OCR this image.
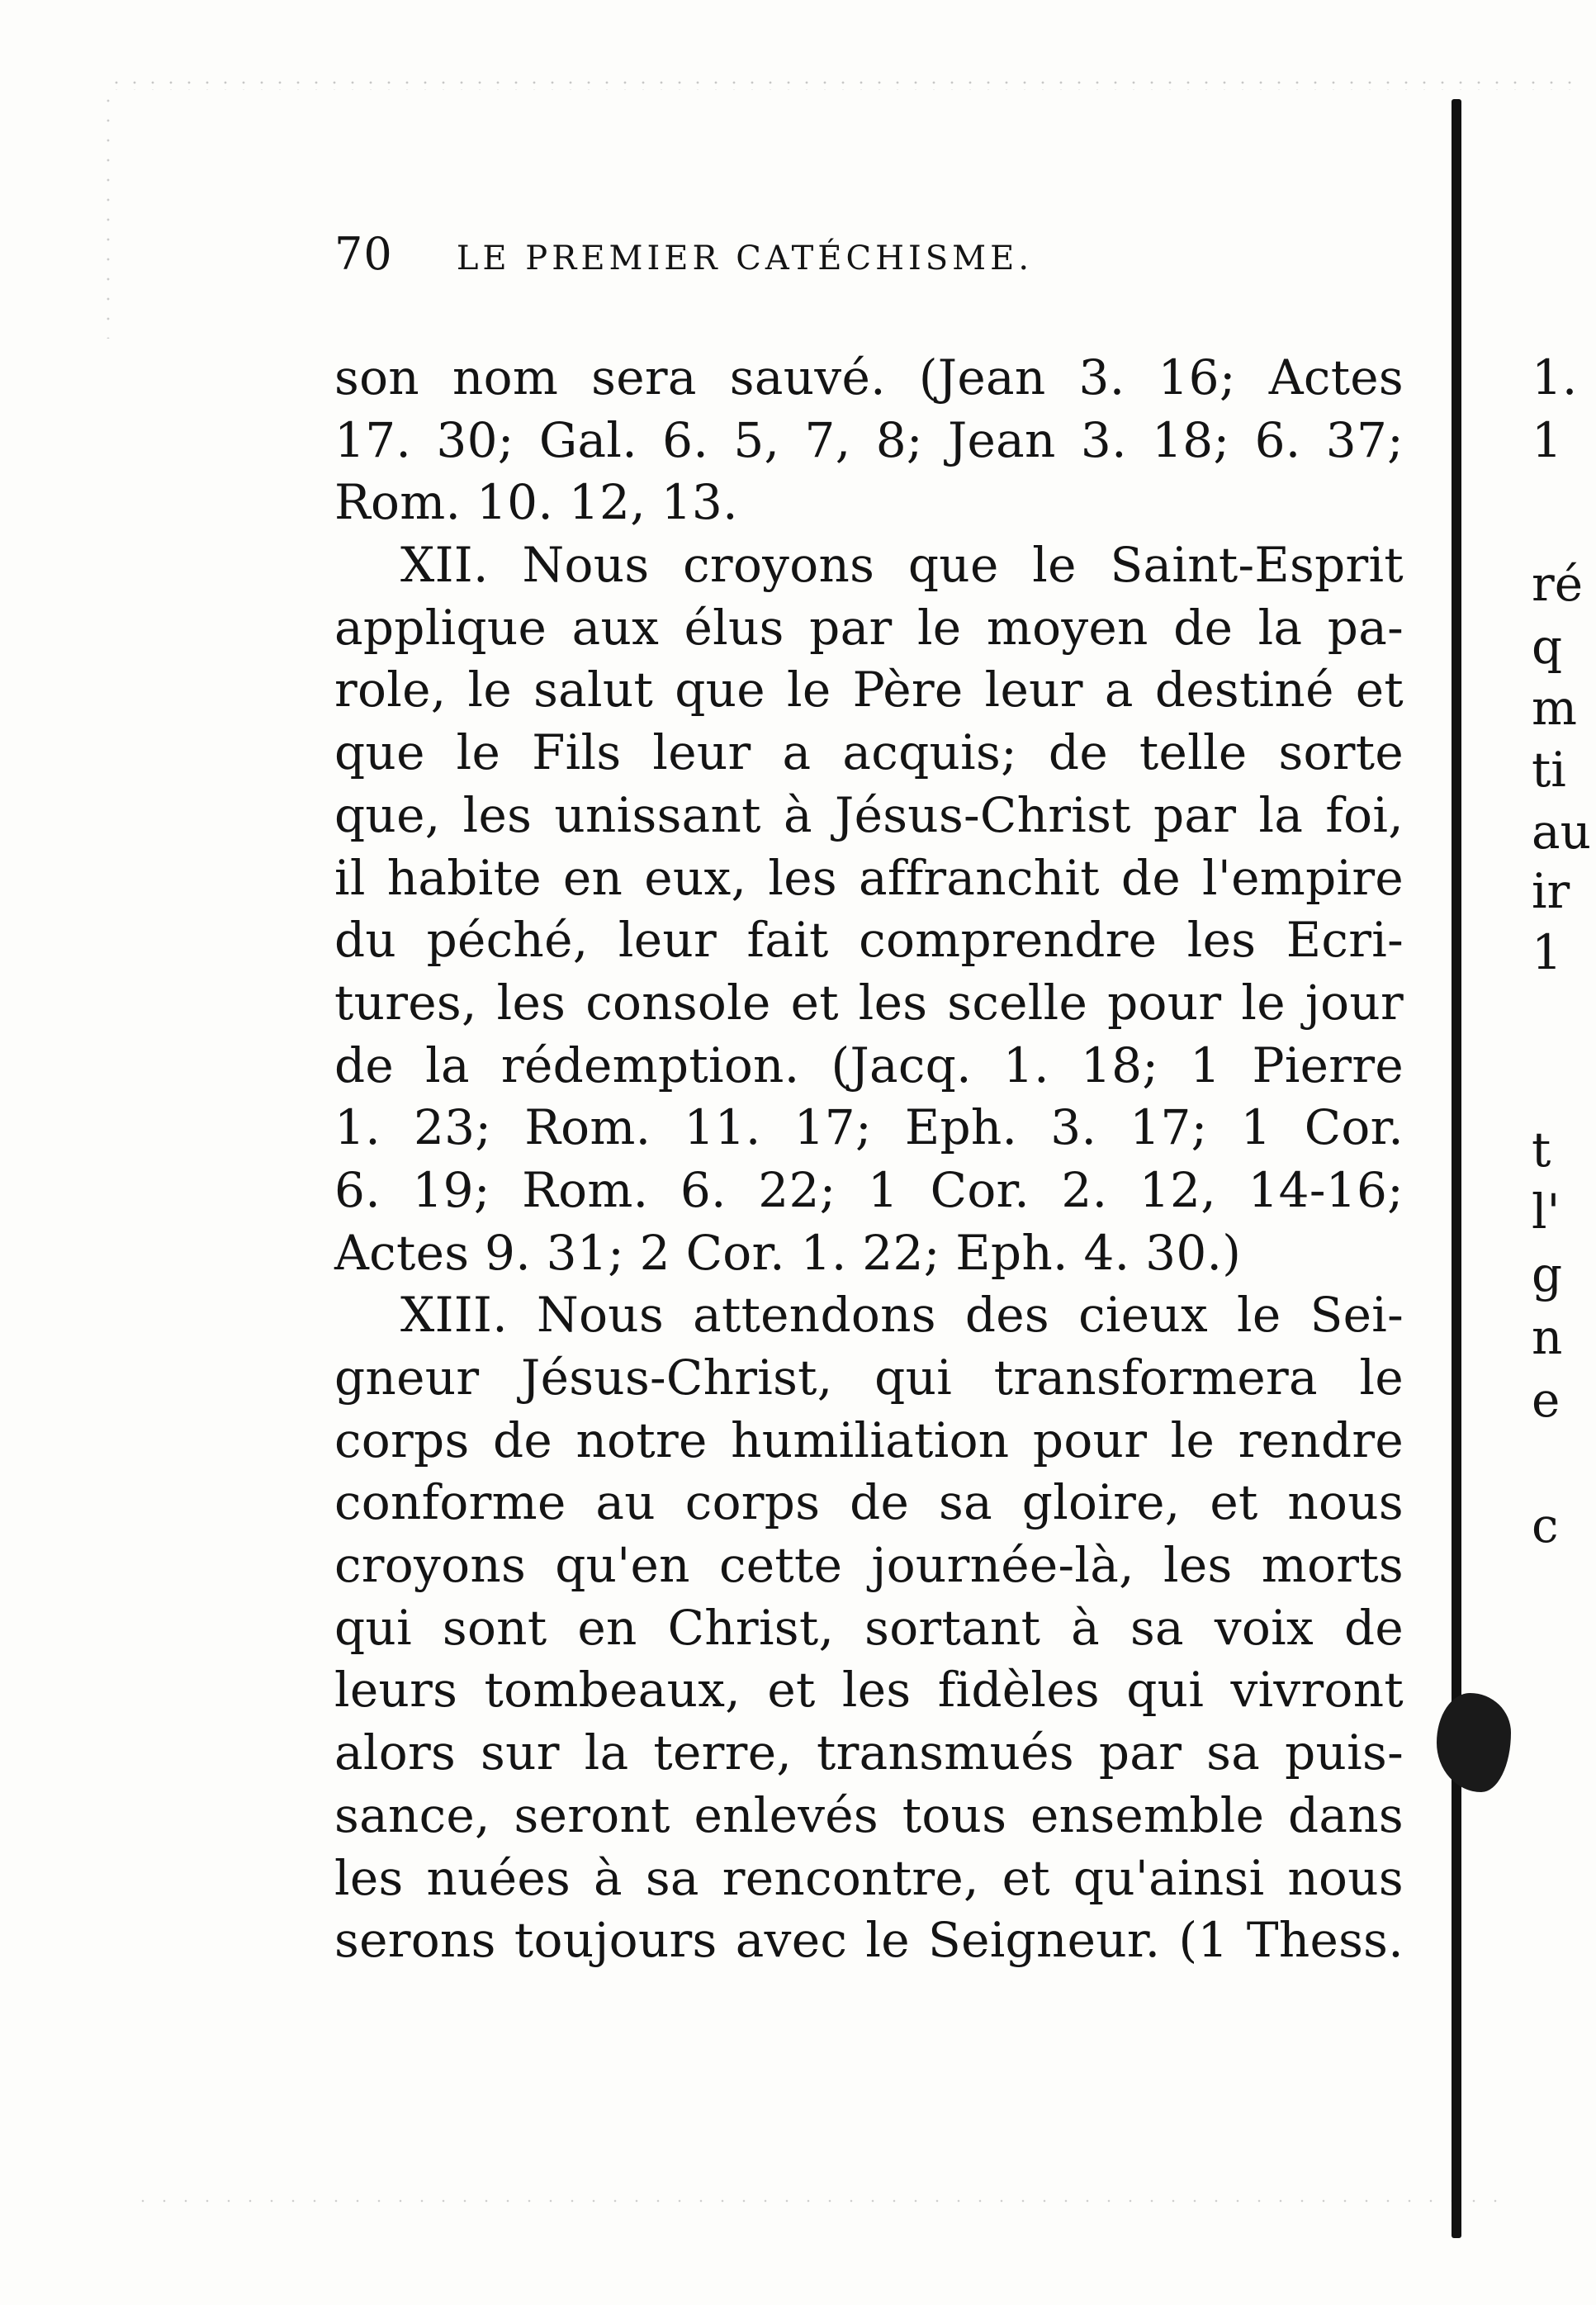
70 LE PREMIER CATÉCHISME.
son nom sera sauvé. (Jean 3. 16; Actes
17. 30; Gal. 6. 5, 7, 8; Jean 3. 18; 6. 37;
Rom. 10. 12, 13.
XII. Nous croyons que le Saint-Esprit
applique aux élus par le moyen de la pa-
role, le salut que le Père leur a destiné et
que le Fils leur a acquis; de telle sorte
que, les unissant à Jésus-Christ par la foi,
il habite en eux, les affranchit de l'empire
du péché, leur fait comprendre les Ecri-
tures, les console et les scelle pour le jour
de la rédemption. (Jacq. 1. 18; 1 Pierre
1. 23; Rom. 11. 17; Eph. 3. 17; 1 Cor.
6. 19; Rom. 6. 22; 1 Cor. 2. 12, 14-16;
Actes 9. 31; 2 Cor. 1. 22; Eph. 4. 30.)
XIII. Nous attendons des cieux le Sei-
gneur Jésus-Christ, qui transformera le
corps de notre humiliation pour le rendre
conforme au corps de sa gloire, et nous
croyons qu'en cette journée-là, les morts
qui sont en Christ, sortant à sa voix de
leurs tombeaux, et les fidèles qui vivront
alors sur la terre, transmués par sa puis-
sance, seront enlevés tous ensemble dans
les nuées à sa rencontre, et qu'ainsi nous
serons toujours avec le Seigneur. (1 Thess.
1.
1
ré
q
m
ti
au
ir
1
t
l'
g
n
e
c
